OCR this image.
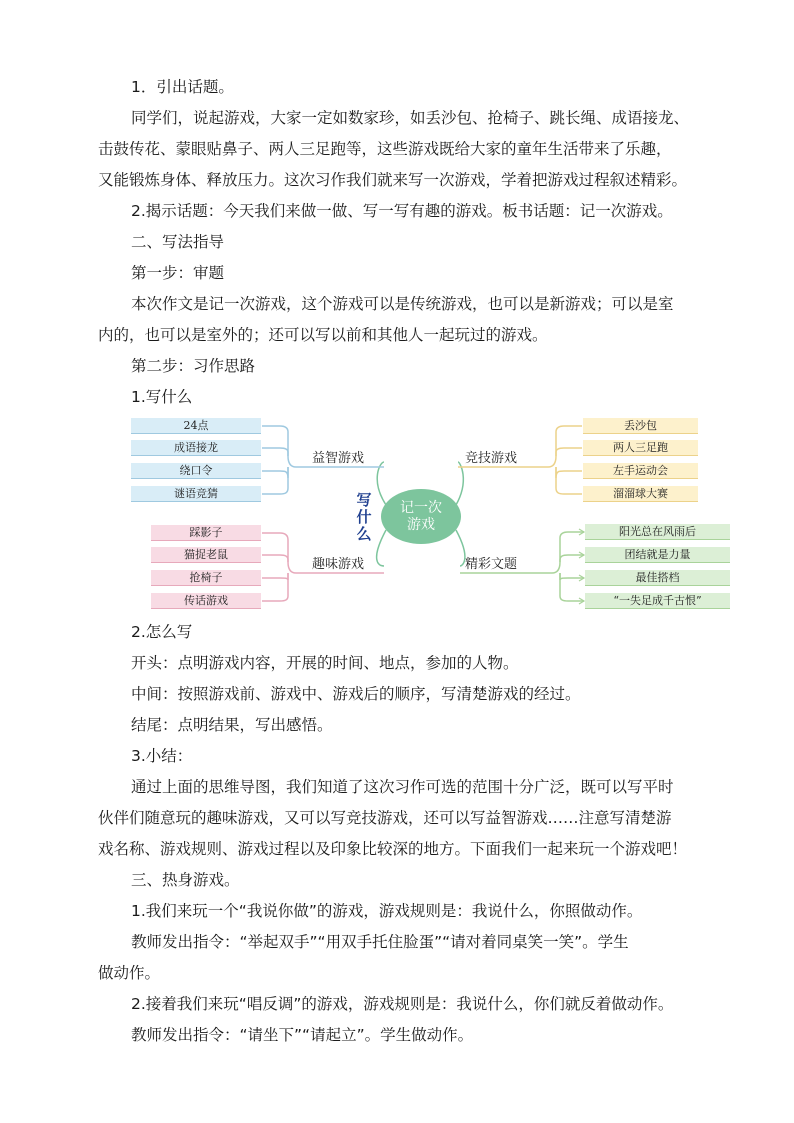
1．引出话题。
同学们，说起游戏，大家一定如数家珍，如丢沙包、抢椅子、跳长绳、成语接龙、
击鼓传花、蒙眼贴鼻子、两人三足跑等，这些游戏既给大家的童年生活带来了乐趣，
又能锻炼身体、释放压力。这次习作我们就来写一次游戏，学着把游戏过程叙述精彩。
2.揭示话题：今天我们来做一做、写一写有趣的游戏。板书话题：记一次游戏。
二、写法指导
第一步：审题
本次作文是记一次游戏，这个游戏可以是传统游戏，也可以是新游戏；可以是室
内的，也可以是室外的；还可以写以前和其他人一起玩过的游戏。
第二步：习作思路
1.写什么
24点
成语接龙
绕口令
谜语竞猜
踩影子
猫捉老鼠
抢椅子
传话游戏
丢沙包
两人三足跑
左手运动会
溜溜球大赛
阳光总在风雨后
团结就是力量
最佳搭档
“一失足成千古恨”
益智游戏	竞技游戏
趣味游戏	精彩文题
写
什
么
记一次
游戏
2.怎么写
开头：点明游戏内容，开展的时间、地点，参加的人物。
中间：按照游戏前、游戏中、游戏后的顺序，写清楚游戏的经过。
结尾：点明结果，写出感悟。
3.小结：
通过上面的思维导图，我们知道了这次习作可选的范围十分广泛，既可以写平时
伙伴们随意玩的趣味游戏，又可以写竞技游戏，还可以写益智游戏……注意写清楚游
戏名称、游戏规则、游戏过程以及印象比较深的地方。下面我们一起来玩一个游戏吧！
三、热身游戏。
1.我们来玩一个“我说你做”的游戏，游戏规则是：我说什么，你照做动作。
教师发出指令：“举起双手”“用双手托住脸蛋”“请对着同桌笑一笑”。学生
做动作。
2.接着我们来玩“唱反调”的游戏，游戏规则是：我说什么，你们就反着做动作。
教师发出指令：“请坐下”“请起立”。学生做动作。
